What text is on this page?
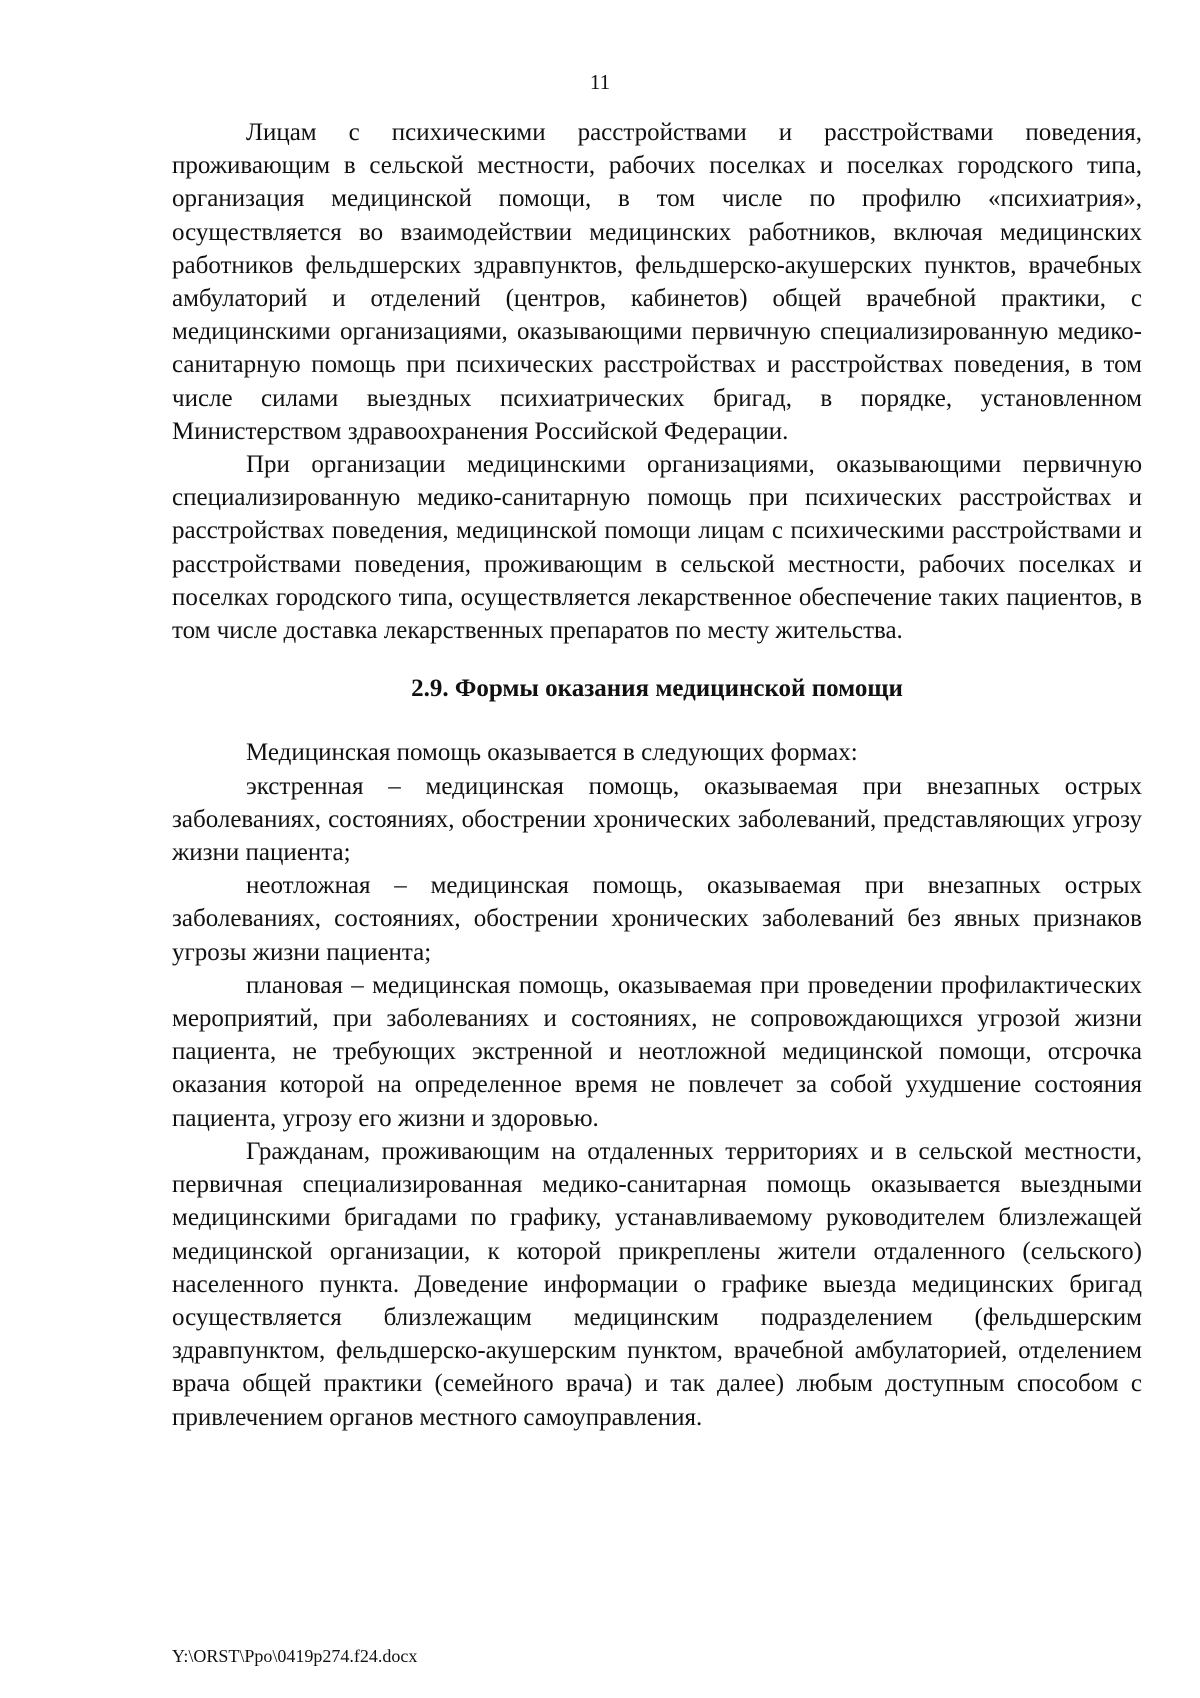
11

Лицам с психическими расстройствами и расстройствами поведения, проживающим в сельской местности, рабочих поселках и поселках городского типа, организация медицинской помощи, в том числе по профилю «психиатрия», осуществляется во взаимодействии медицинских работников, включая медицинских работников фельдшерских здравпунктов, фельдшерско-акушерских пунктов, врачебных амбулаторий и отделений (центров, кабинетов) общей врачебной практики, с медицинскими организациями, оказывающими первичную специализированную медико-санитарную помощь при психических расстройствах и расстройствах поведения, в том числе силами выездных психиатрических бригад, в порядке, установленном Министерством здравоохранения Российской Федерации.

При организации медицинскими организациями, оказывающими первичную специализированную медико-санитарную помощь при психических расстройствах и расстройствах поведения, медицинской помощи лицам с психическими расстройствами и расстройствами поведения, проживающим в сельской местности, рабочих поселках и поселках городского типа, осуществляется лекарственное обеспечение таких пациентов, в том числе доставка лекарственных препаратов по месту жительства.

2.9. Формы оказания медицинской помощи

Медицинская помощь оказывается в следующих формах:

экстренная – медицинская помощь, оказываемая при внезапных острых заболеваниях, состояниях, обострении хронических заболеваний, представляющих угрозу жизни пациента;

неотложная – медицинская помощь, оказываемая при внезапных острых заболеваниях, состояниях, обострении хронических заболеваний без явных признаков угрозы жизни пациента;

плановая – медицинская помощь, оказываемая при проведении профилактических мероприятий, при заболеваниях и состояниях, не сопровождающихся угрозой жизни пациента, не требующих экстренной и неотложной медицинской помощи, отсрочка оказания которой на определенное время не повлечет за собой ухудшение состояния пациента, угрозу его жизни и здоровью.

Гражданам, проживающим на отдаленных территориях и в сельской местности, первичная специализированная медико-санитарная помощь оказывается выездными медицинскими бригадами по графику, устанавливаемому руководителем близлежащей медицинской организации, к которой прикреплены жители отдаленного (сельского) населенного пункта. Доведение информации о графике выезда медицинских бригад осуществляется близлежащим медицинским подразделением (фельдшерским здравпунктом, фельдшерско-акушерским пунктом, врачебной амбулаторией, отделением врача общей практики (семейного врача) и так далее) любым доступным способом с привлечением органов местного самоуправления.

Y:\ORST\Ppo\0419p274.f24.docx
